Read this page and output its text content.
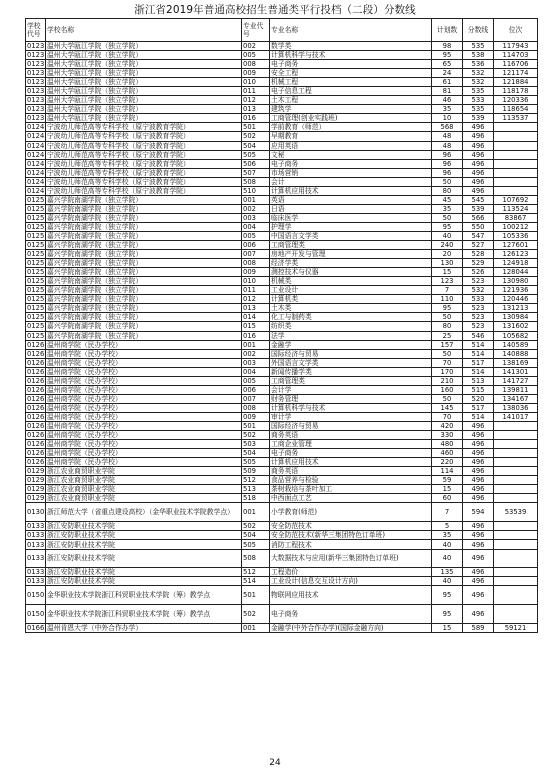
浙江省2019年普通高校招生普通类平行投档（二段）分数线
学校代号	学校名称	专业代号	专业名称	计划数	分数线	位次
0123	温州大学瓯江学院（独立学院）	002	数学类	98	535	117943
0123	温州大学瓯江学院（独立学院）	005	计算机科学与技术	95	538	114703
0123	温州大学瓯江学院（独立学院）	008	电子商务	65	536	116706
0123	温州大学瓯江学院（独立学院）	009	安全工程	24	532	121174
0123	温州大学瓯江学院（独立学院）	010	机械工程	61	532	121884
0123	温州大学瓯江学院（独立学院）	011	电子信息工程	81	535	118178
0123	温州大学瓯江学院（独立学院）	012	土木工程	46	533	120336
0123	温州大学瓯江学院（独立学院）	013	建筑学	35	535	118654
0123	温州大学瓯江学院（独立学院）	016	工商管理(创业实践班)	10	539	113537
0124	宁波幼儿师范高等专科学校（原宁波教育学院）	501	学前教育（师范）	568	496	
0124	宁波幼儿师范高等专科学校（原宁波教育学院）	502	早期教育	48	496	
0124	宁波幼儿师范高等专科学校（原宁波教育学院）	504	应用英语	48	496	
0124	宁波幼儿师范高等专科学校（原宁波教育学院）	505	文秘	96	496	
0124	宁波幼儿师范高等专科学校（原宁波教育学院）	506	电子商务	96	496	
0124	宁波幼儿师范高等专科学校（原宁波教育学院）	507	市场营销	96	496	
0124	宁波幼儿师范高等专科学校（原宁波教育学院）	508	会计	50	496	
0124	宁波幼儿师范高等专科学校（原宁波教育学院）	510	计算机应用技术	80	496	
0125	嘉兴学院南湖学院（独立学院）	001	英语	45	545	107692
0125	嘉兴学院南湖学院（独立学院）	002	日语	35	539	113524
0125	嘉兴学院南湖学院（独立学院）	003	临床医学	50	566	83867
0125	嘉兴学院南湖学院（独立学院）	004	护理学	95	550	100212
0125	嘉兴学院南湖学院（独立学院）	005	中国语言文学类	40	547	105336
0125	嘉兴学院南湖学院（独立学院）	006	工商管理类	240	527	127601
0125	嘉兴学院南湖学院（独立学院）	007	房地产开发与管理	20	528	126123
0125	嘉兴学院南湖学院（独立学院）	008	经济学类	130	529	124918
0125	嘉兴学院南湖学院（独立学院）	009	测控技术与仪器	15	526	128044
0125	嘉兴学院南湖学院（独立学院）	010	机械类	123	523	130980
0125	嘉兴学院南湖学院（独立学院）	011	工业设计	7	532	121936
0125	嘉兴学院南湖学院（独立学院）	012	计算机类	110	533	120446
0125	嘉兴学院南湖学院（独立学院）	013	土木类	95	523	131213
0125	嘉兴学院南湖学院（独立学院）	014	化工与制药类	50	523	130984
0125	嘉兴学院南湖学院（独立学院）	015	纺织类	80	523	131602
0125	嘉兴学院南湖学院（独立学院）	016	法学	25	546	105682
0126	温州商学院（民办学校）	001	金融学	157	514	140589
0126	温州商学院（民办学校）	002	国际经济与贸易	50	514	140888
0126	温州商学院（民办学校）	003	外国语言文学类	70	517	138169
0126	温州商学院（民办学校）	004	新闻传播学类	170	514	141301
0126	温州商学院（民办学校）	005	工商管理类	210	513	141727
0126	温州商学院（民办学校）	006	会计学	160	515	139811
0126	温州商学院（民办学校）	007	财务管理	50	520	134167
0126	温州商学院（民办学校）	008	计算机科学与技术	145	517	138036
0126	温州商学院（民办学校）	009	审计学	70	514	141017
0126	温州商学院（民办学校）	501	国际经济与贸易	420	496	
0126	温州商学院（民办学校）	502	商务英语	330	496	
0126	温州商学院（民办学校）	503	工商企业管理	480	496	
0126	温州商学院（民办学校）	504	电子商务	460	496	
0126	温州商学院（民办学校）	505	计算机应用技术	220	496	
0129	浙江农业商贸职业学院	509	商务英语	114	496	
0129	浙江农业商贸职业学院	512	食品营养与检验	59	496	
0129	浙江农业商贸职业学院	513	茶树栽培与茶叶加工	15	496	
0129	浙江农业商贸职业学院	518	中西面点工艺	60	496	
0130	浙江师范大学（省重点建设高校）（金华职业技术学院教学点）	001	小学教育(师范)	7	594	53539
0133	浙江安防职业技术学院	502	安全防范技术	5	496	
0133	浙江安防职业技术学院	504	安全防范技术(新华三集团特色订单班)	35	496	
0133	浙江安防职业技术学院	505	消防工程技术	40	496	
0133	浙江安防职业技术学院	508	大数据技术与应用(新华三集团特色订单班)	40	496	
0133	浙江安防职业技术学院	512	工程造价	135	496	
0133	浙江安防职业技术学院	514	工业设计(信息交互设计方向)	40	496	
0150	金华职业技术学院浙江科贸职业技术学院（筹）教学点	501	物联网应用技术	95	496	
0150	金华职业技术学院浙江科贸职业技术学院（筹）教学点	502	电子商务	95	496	
0166	温州肯恩大学（中外合作办学）	001	金融学(中外合作办学)(国际金融方向)	15	589	59121
24
